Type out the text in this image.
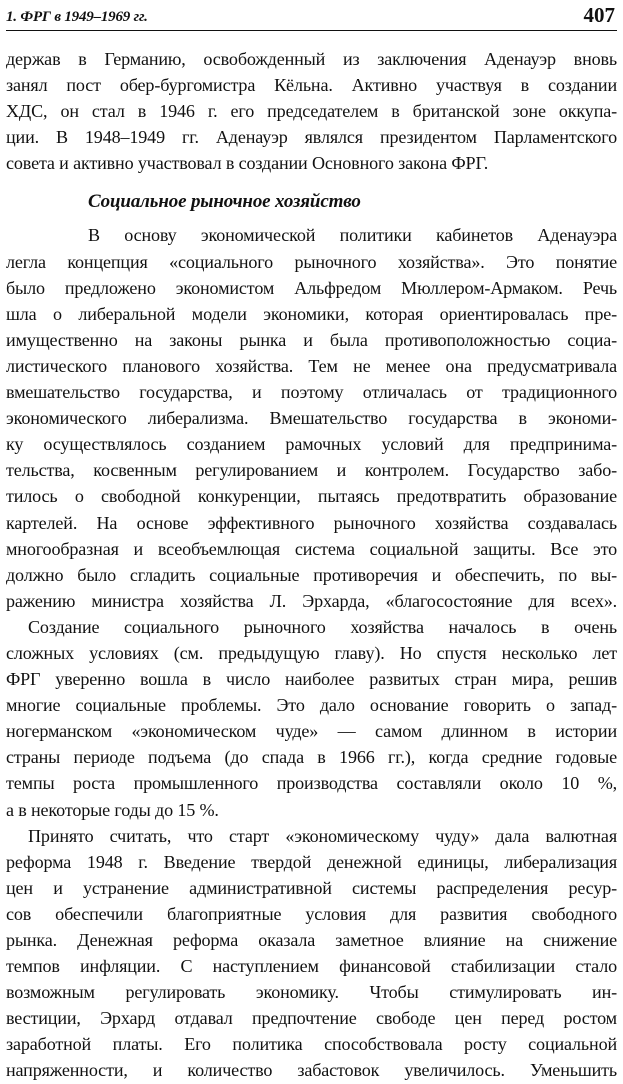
1. ФРГ в 1949–1969 гг.	407

держав в Германию, освобожденный из заключения Аденауэр вновь
занял пост обер-бургомистра Кёльна. Активно участвуя в создании
ХДС, он стал в 1946 г. его председателем в британской зоне оккупа-
ции. В 1948–1949 гг. Аденауэр являлся президентом Парламентского
совета и активно участвовал в создании Основного закона ФРГ.

Социальное рыночное хозяйство

В основу экономической политики кабинетов Аденауэра
легла концепция «социального рыночного хозяйства». Это понятие
было предложено экономистом Альфредом Мюллером-Армаком. Речь
шла о либеральной модели экономики, которая ориентировалась пре-
имущественно на законы рынка и была противоположностью социа-
листического планового хозяйства. Тем не менее она предусматривала
вмешательство государства, и поэтому отличалась от традиционного
экономического либерализма. Вмешательство государства в экономи-
ку осуществлялось созданием рамочных условий для предпринима-
тельства, косвенным регулированием и контролем. Государство забо-
тилось о свободной конкуренции, пытаясь предотвратить образование
картелей. На основе эффективного рыночного хозяйства создавалась
многообразная и всеобъемлющая система социальной защиты. Все это
должно было сгладить социальные противоречия и обеспечить, по вы-
ражению министра хозяйства Л. Эрхарда, «благосостояние для всех».

Создание социального рыночного хозяйства началось в очень
сложных условиях (см. предыдущую главу). Но спустя несколько лет
ФРГ уверенно вошла в число наиболее развитых стран мира, решив
многие социальные проблемы. Это дало основание говорить о запад-
ногерманском «экономическом чуде» — самом длинном в истории
страны периоде подъема (до спада в 1966 гг.), когда средние годовые
темпы роста промышленного производства составляли около 10 %,
а в некоторые годы до 15 %.

Принято считать, что старт «экономическому чуду» дала валютная
реформа 1948 г. Введение твердой денежной единицы, либерализация
цен и устранение административной системы распределения ресур-
сов обеспечили благоприятные условия для развития свободного
рынка. Денежная реформа оказала заметное влияние на снижение
темпов инфляции. С наступлением финансовой стабилизации стало
возможным регулировать экономику. Чтобы стимулировать ин-
вестиции, Эрхард отдавал предпочтение свободе цен перед ростом
заработной платы. Его политика способствовала росту социальной
напряженности, и количество забастовок увеличилось. Уменьшить
